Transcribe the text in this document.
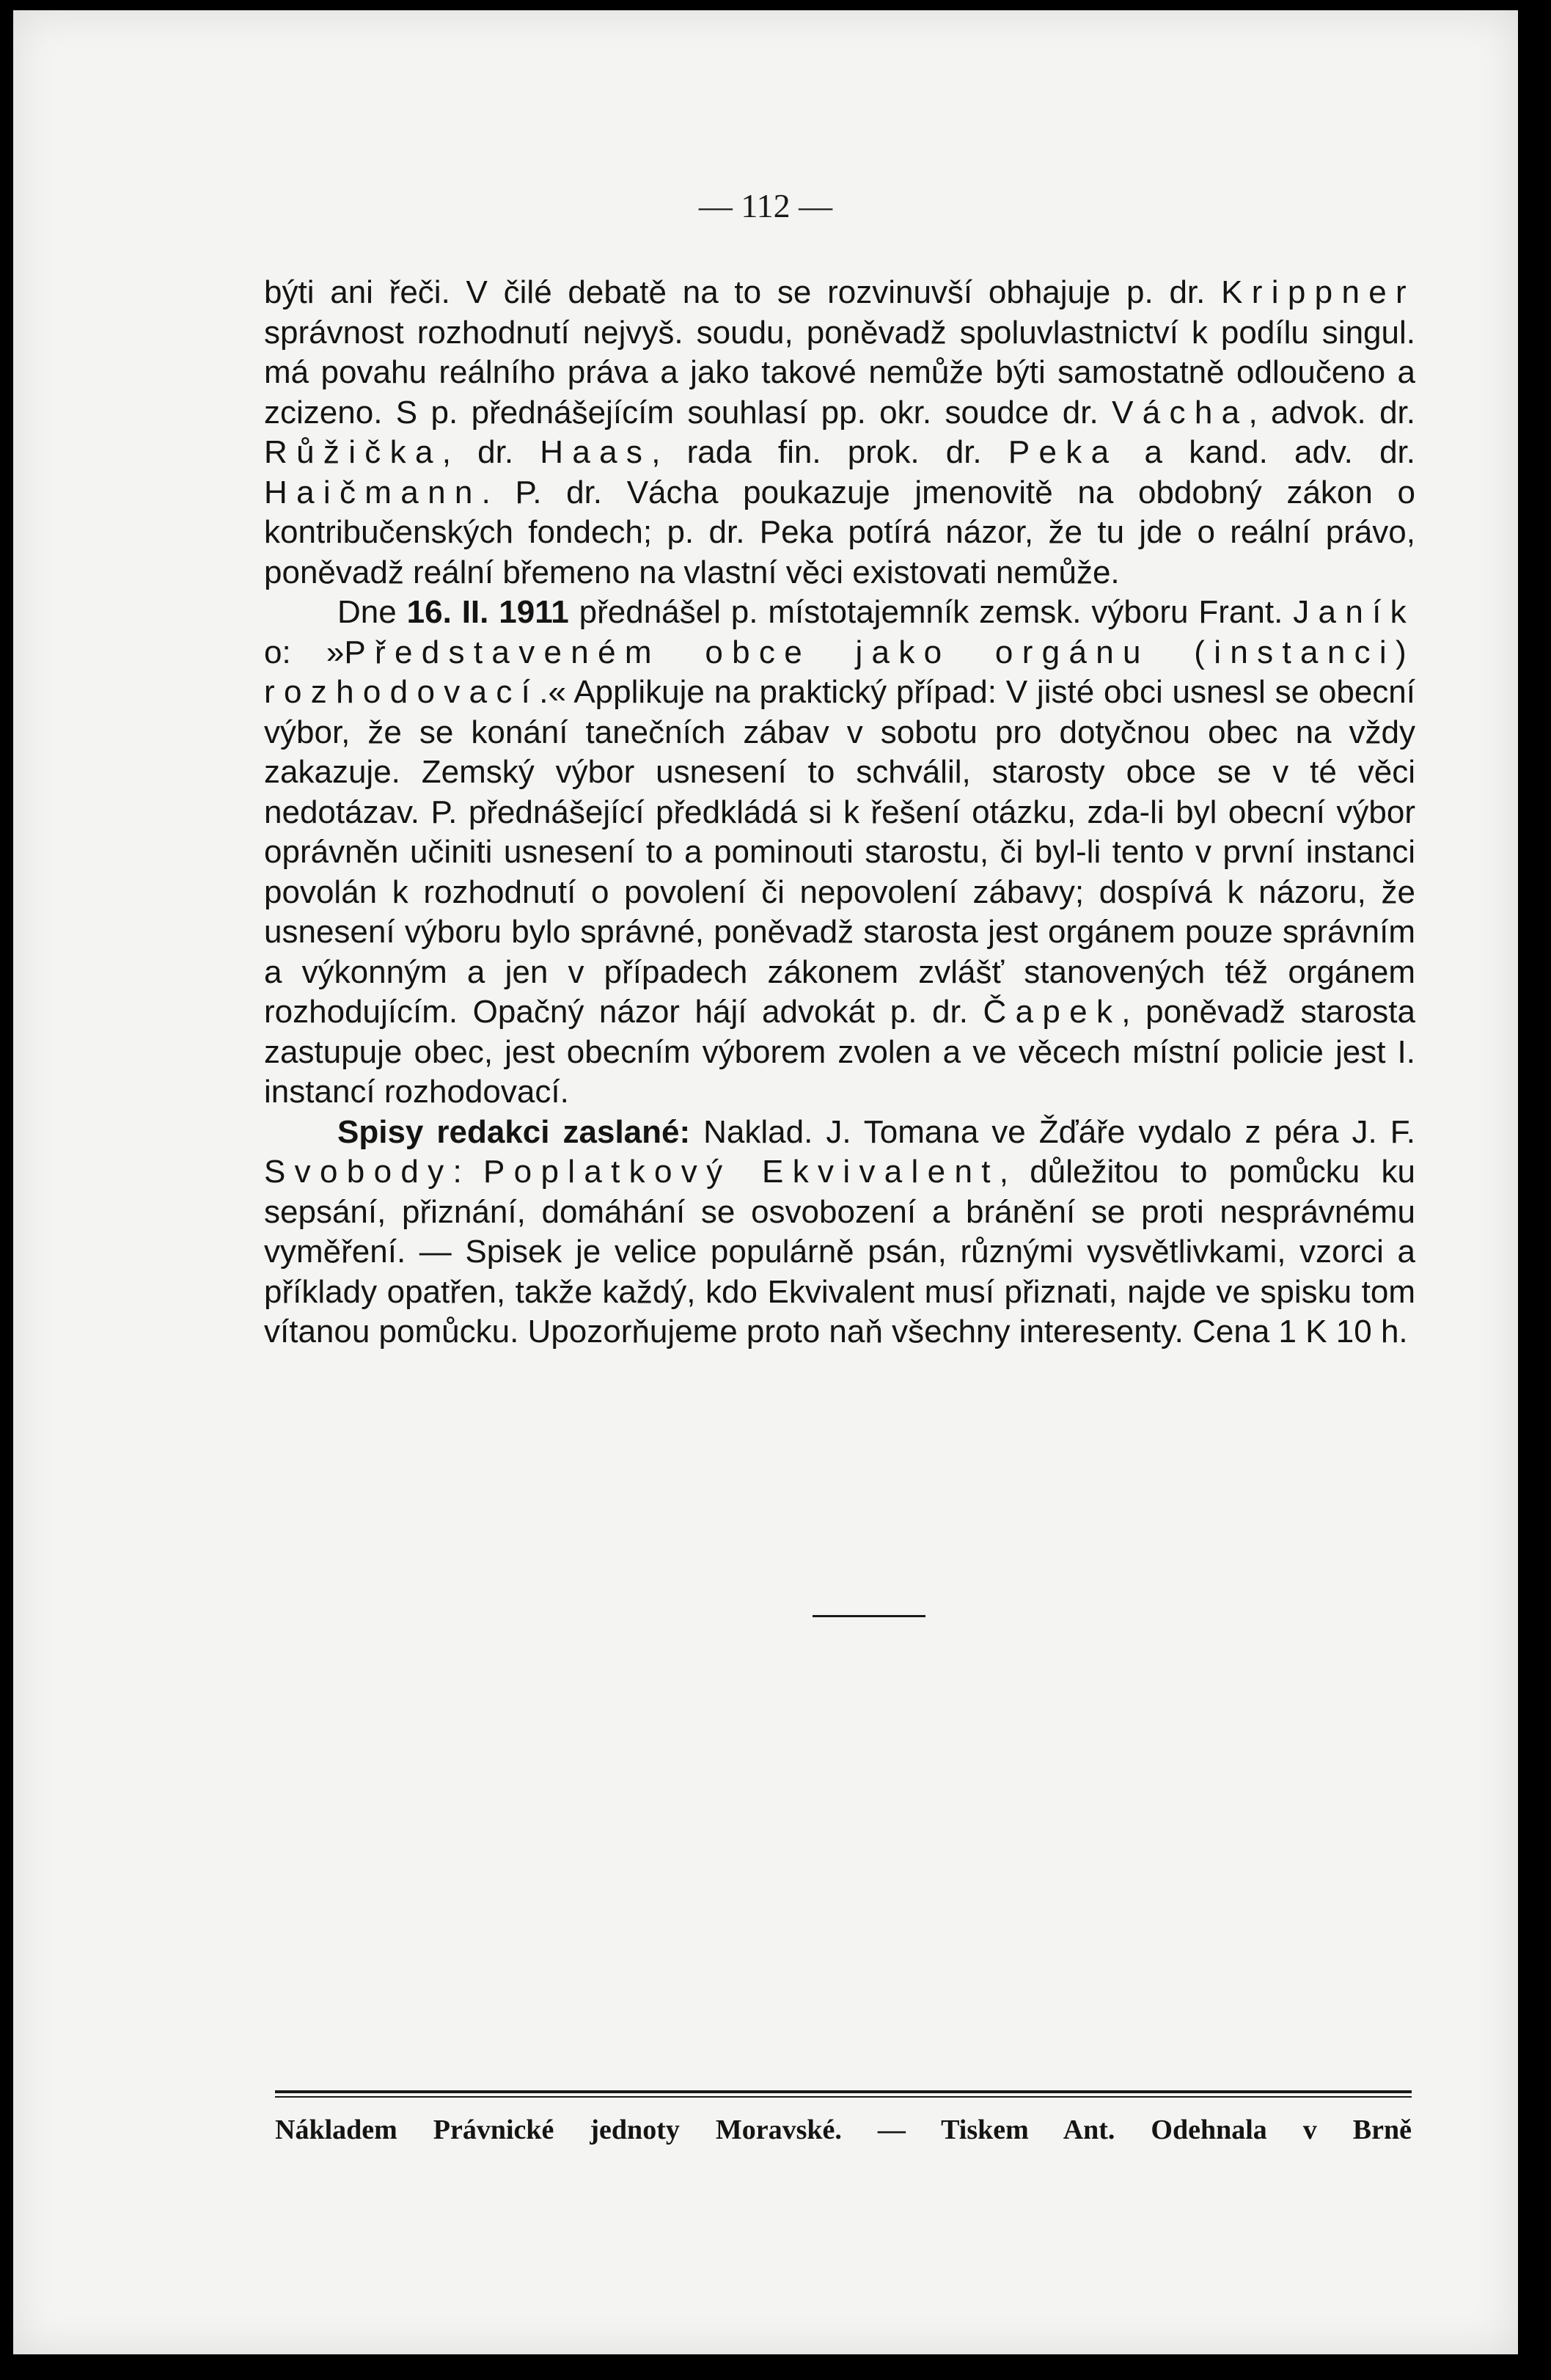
— 112 —

býti ani řeči. V čilé debatě na to se rozvinuvší obhajuje p. dr. Krippner správnost rozhodnutí nejvyš. soudu, poněvadž spoluvlastnictví k podílu singul. má povahu reálního práva a jako takové nemůže býti samostatně odloučeno a zcizeno. S p. přednášejícím souhlasí pp. okr. soudce dr. Vácha, advok. dr. Růžička, dr. Haas, rada fin. prok. dr. Peka a kand. adv. dr. Haičmann. P. dr. Vácha poukazuje jmenovitě na obdobný zákon o kontribučenských fondech; p. dr. Peka potírá názor, že tu jde o reální právo, poněvadž reální břemeno na vlastní věci existovati nemůže.

Dne 16. II. 1911 přednášel p. místotajemník zemsk. výboru Frant. Janík o: »Představeném obce jako orgánu (instanci) rozhodovací.« Applikuje na praktický případ: V jisté obci usnesl se obecní výbor, že se konání tanečních zábav v sobotu pro dotyčnou obec na vždy zakazuje. Zemský výbor usnesení to schválil, starosty obce se v té věci nedotázav. P. přednášející předkládá si k řešení otázku, zda-li byl obecní výbor oprávněn učiniti usnesení to a pominouti starostu, či byl-li tento v první instanci povolán k rozhodnutí o povolení či nepovolení zábavy; dospívá k názoru, že usnesení výboru bylo správné, poněvadž starosta jest orgánem pouze správním a výkonným a jen v případech zákonem zvlášť stanovených též orgánem rozhodujícím. Opačný názor hájí advokát p. dr. Čapek, poněvadž starosta zastupuje obec, jest obecním výborem zvolen a ve věcech místní policie jest I. instancí rozhodovací.

Spisy redakci zaslané: Naklad. J. Tomana ve Žďáře vydalo z péra J. F. Svobody: Poplatkový Ekvivalent, důležitou to pomůcku ku sepsání, přiznání, domáhání se osvobození a bránění se proti nesprávnému vyměření. — Spisek je velice populárně psán, různými vysvětlivkami, vzorci a příklady opatřen, takže každý, kdo Ekvivalent musí přiznati, najde ve spisku tom vítanou pomůcku. Upozorňujeme proto naň všechny interesenty. Cena 1 K 10 h.

Nákladem Právnické jednoty Moravské. — Tiskem Ant. Odehnala v Brně
